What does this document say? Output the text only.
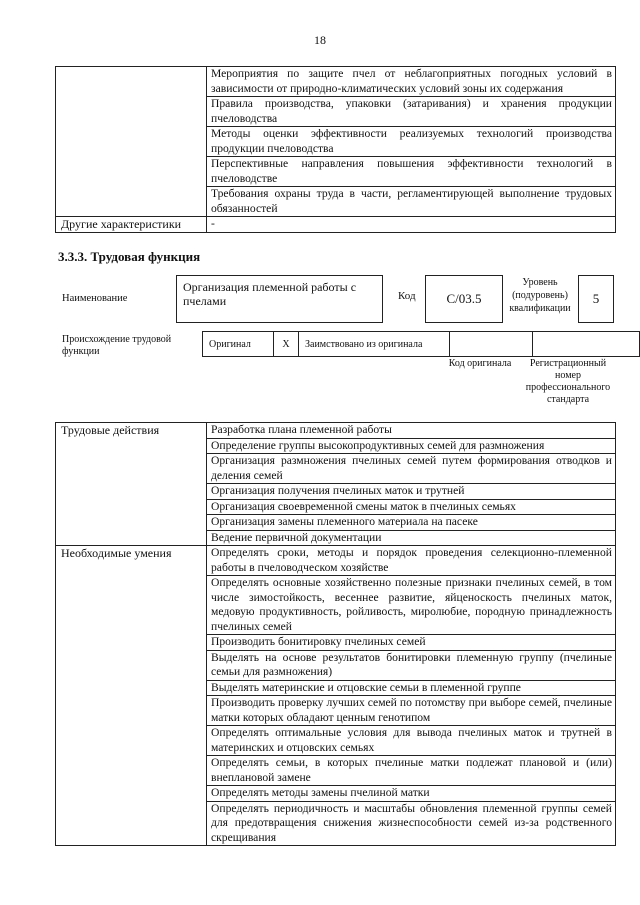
18
	Мероприятия по защите пчел от неблагоприятных погодных условий в зависимости от природно-климатических условий зоны их содержания
	Правила производства, упаковки (затаривания) и хранения продукции пчеловодства
	Методы оценки эффективности реализуемых технологий производства продукции пчеловодства
	Перспективные направления повышения эффективности технологий в пчеловодстве
	Требования охраны труда в части, регламентирующей выполнение трудовых обязанностей
Другие характеристики	-
3.3.3. Трудовая функция
Наименование
Организация племенной работы с пчелами	Код	С/03.5
Уровень (подуровень) квалификации
5
Происхождение трудовой функции
Оригинал	X	Заимствовано из оригинала		
Код оригинала	Регистрационный номер профессионального стандарта
Трудовые действия	Разработка плана племенной работы
	Определение группы высокопродуктивных семей для размножения
	Организация размножения пчелиных семей путем формирования отводков и деления семей
	Организация получения пчелиных маток и трутней
	Организация своевременной смены маток в пчелиных семьях
	Организация замены племенного материала на пасеке
	Ведение первичной документации
Необходимые умения	Определять сроки, методы и порядок проведения селекционно-племенной работы в пчеловодческом хозяйстве
	Определять основные хозяйственно полезные признаки пчелиных семей, в том числе зимостойкость, весеннее развитие, яйценоскость пчелиных маток, медовую продуктивность, ройливость, миролюбие, породную принадлежность пчелиных семей
	Производить бонитировку пчелиных семей
	Выделять на основе результатов бонитировки племенную группу (пчелиные семьи для размножения)
	Выделять материнские и отцовские семьи в племенной группе
	Производить проверку лучших семей по потомству при выборе семей, пчелиные матки которых обладают ценным генотипом
	Определять оптимальные условия для вывода пчелиных маток и трутней в материнских и отцовских семьях
	Определять семьи, в которых пчелиные матки подлежат плановой и (или) внеплановой замене
	Определять методы замены пчелиной матки
	Определять периодичность и масштабы обновления племенной группы семей для предотвращения снижения жизнеспособности семей из-за родственного скрещивания
